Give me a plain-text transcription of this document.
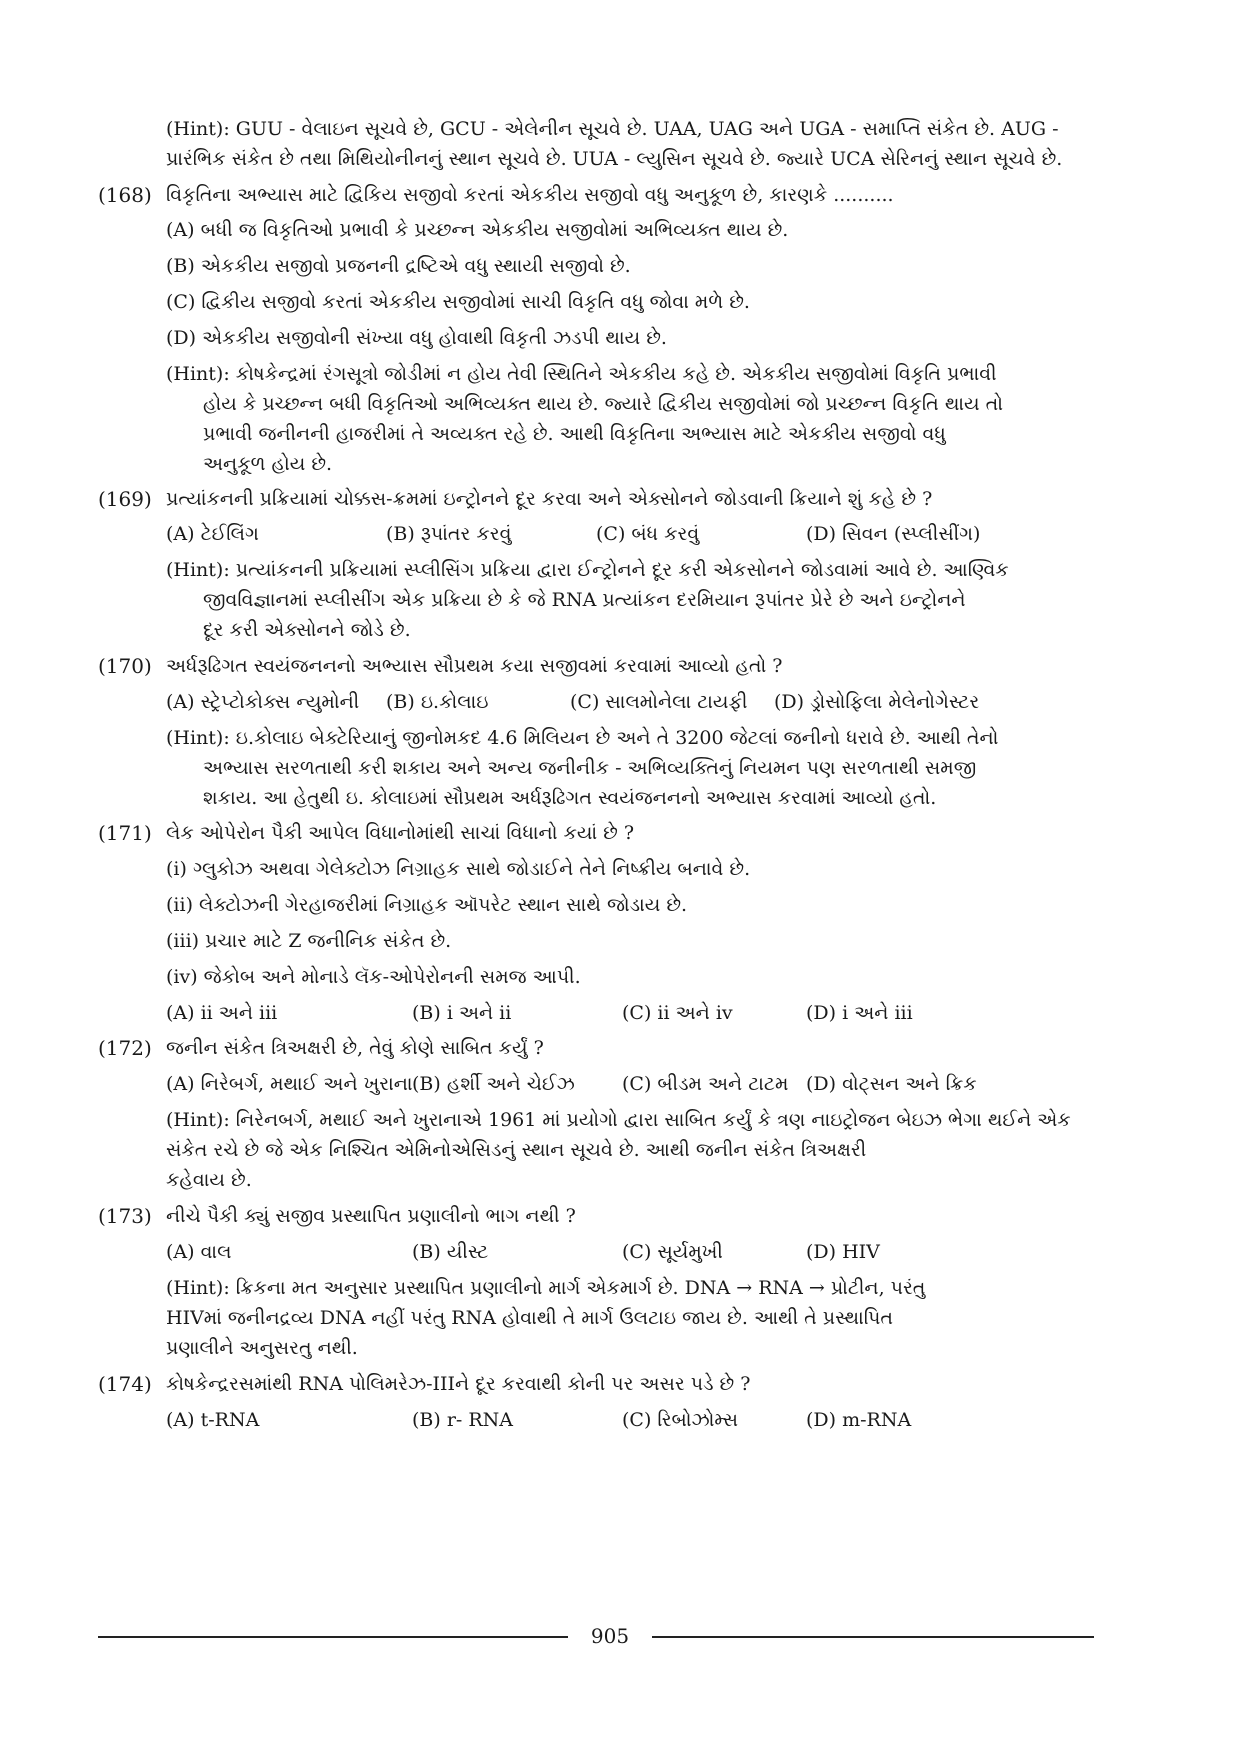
(Hint): GUU - વેલાઇન સૂચવે છે, GCU - એલેનીન સૂચવે છે. UAA, UAG અને UGA - સમાપ્તિ સંકેત છે. AUG -
પ્રારંભિક સંકેત છે તથા મિથિયોનીનનું સ્થાન સૂચવે છે. UUA - લ્યુસિન સૂચવે છે. જ્યારે UCA સેરિનનું સ્થાન સૂચવે છે.
(168) વિકૃતિના અભ્યાસ માટે દ્વિકિય સજીવો કરતાં એકકીય સજીવો વધુ અનુકૂળ છે, કારણકે ..........
(A) બધી જ વિકૃતિઓ પ્રભાવી કે પ્રચ્છન્ન એકકીય સજીવોમાં અભિવ્યક્ત થાય છે.
(B) એકકીય સજીવો પ્રજનની દ્રષ્ટિએ વધુ સ્થાયી સજીવો છે.
(C) દ્વિકીય સજીવો કરતાં એકકીય સજીવોમાં સાચી વિકૃતિ વધુ જોવા મળે છે.
(D) એકકીય સજીવોની સંખ્યા વધુ હોવાથી વિકૃતી ઝડપી થાય છે.
(Hint): કોષકેન્દ્રમાં રંગસૂત્રો જોડીમાં ન હોય તેવી સ્થિતિને એકકીય કહે છે. એકકીય સજીવોમાં વિકૃતિ પ્રભાવી
હોય કે પ્રચ્છન્ન બધી વિકૃતિઓ અભિવ્યક્ત થાય છે. જ્યારે દ્વિકીય સજીવોમાં જો પ્રચ્છન્ન વિકૃતિ થાય તો
પ્રભાવી જનીનની હાજરીમાં તે અવ્યક્ત રહે છે. આથી વિકૃતિના અભ્યાસ માટે એકકીય સજીવો વધુ
અનુકૂળ હોય છે.
(169) પ્રત્યાંકનની પ્રક્રિયામાં ચોક્કસ-ક્રમમાં ઇન્ટ્રોનને દૂર કરવા અને એક્સોનને જોડવાની ક્રિયાને શું કહે છે ?
(A) ટેઈલિંગ	(B) રૂપાંતર કરવું	(C) બંધ કરવું	(D) સિવન (સ્પ્લીસીંગ)
(Hint): પ્રત્યાંકનની પ્રક્રિયામાં સ્પ્લીસિંગ પ્રક્રિયા દ્વારા ઈન્ટ્રોનને દૂર કરી એકસોનને જોડવામાં આવે છે. આણ્વિક
જીવવિજ્ઞાનમાં સ્પ્લીસીંગ એક પ્રક્રિયા છે કે જે RNA પ્રત્યાંકન દરમિયાન રૂપાંતર પ્રેરે છે અને ઇન્ટ્રોનને
દૂર કરી એક્સોનને જોડે છે.
(170) અર્ધરૂઢિગત સ્વયંજનનનો અભ્યાસ સૌપ્રથમ કયા સજીવમાં કરવામાં આવ્યો હતો ?
(A) સ્ટ્રેપ્ટોકોક્સ ન્યુમોની (B) ઇ.કોલાઇ	(C) સાલમોનેલા ટાયફી (D) ડ્રોસોફિલા મેલેનોગેસ્ટર
(Hint): ઇ.કોલાઇ બેક્ટેરિયાનું જીનોમકદ 4.6 મિલિયન છે અને તે 3200 જેટલાં જનીનો ધરાવે છે. આથી તેનો
અભ્યાસ સરળતાથી કરી શકાય અને અન્ય જનીનીક - અભિવ્યક્તિનું નિયમન પણ સરળતાથી સમજી
શકાય. આ હેતુથી ઇ. કોલાઇમાં સૌપ્રથમ અર્ધરૂઢિગત સ્વયંજનનનો અભ્યાસ કરવામાં આવ્યો હતો.
(171) લેક ઓપેરોન પૈકી આપેલ વિધાનોમાંથી સાચાં વિધાનો કયાં છે ?
(i) ગ્લુકોઝ અથવા ગેલેક્ટોઝ નિગ્રાહક સાથે જોડાઈને તેને નિષ્ક્રીય બનાવે છે.
(ii) લેક્ટોઝની ગેરહાજરીમાં નિગ્રાહક ઑપરેટ સ્થાન સાથે જોડાય છે.
(iii) પ્રચાર માટે Z જનીનિક સંકેત છે.
(iv) જેકોબ અને મોનાડે લૅક-ઓપેરોનની સમજ આપી.
(A) ii અને iii	(B) i અને ii	(C) ii અને iv	(D) i અને iii
(172) જનીન સંકેત ત્રિઅક્ષરી છે, તેવું કોણે સાબિત કર્યું ?
(A) નિરેબર્ગ, મથાઈ અને ખુરાના (B) હર્શી અને ચેઈઝ (C) બીડમ અને ટાટમ (D) વોટ્સન અને ક્રિક
(Hint): નિરેનબર્ગ, મથાઈ અને ખુરાનાએ 1961 માં પ્રયોગો દ્વારા સાબિત કર્યું કે ત્રણ નાઇટ્રોજન બેઇઝ ભેગા થઈને એક
સંકેત રચે છે જે એક નિશ્ચિત એમિનોએસિડનું સ્થાન સૂચવે છે. આથી જનીન સંકેત ત્રિઅક્ષરી
કહેવાય છે.
(173) નીચે પૈકી ક્યું સજીવ પ્રસ્થાપિત પ્રણાલીનો ભાગ નથી ?
(A) વાલ	(B) યીસ્ટ	(C) સૂર્યમુખી	(D) HIV
(Hint): ક્રિકના મત અનુસાર પ્રસ્થાપિત પ્રણાલીનો માર્ગ એકમાર્ગ છે. DNA → RNA → પ્રોટીન, પરંતુ
HIVમાં જનીનદ્રવ્ય DNA નહીં પરંતુ RNA હોવાથી તે માર્ગ ઉલટાઇ જાય છે. આથી તે પ્રસ્થાપિત
પ્રણાલીને અનુસરતુ નથી.
(174) કોષકેન્દ્રરસમાંથી RNA પોલિમરેઝ-IIIને દૂર કરવાથી કોની પર અસર પડે છે ?
(A) t-RNA	(B) r- RNA	(C) રિબોઝોમ્સ	(D) m-RNA
905
